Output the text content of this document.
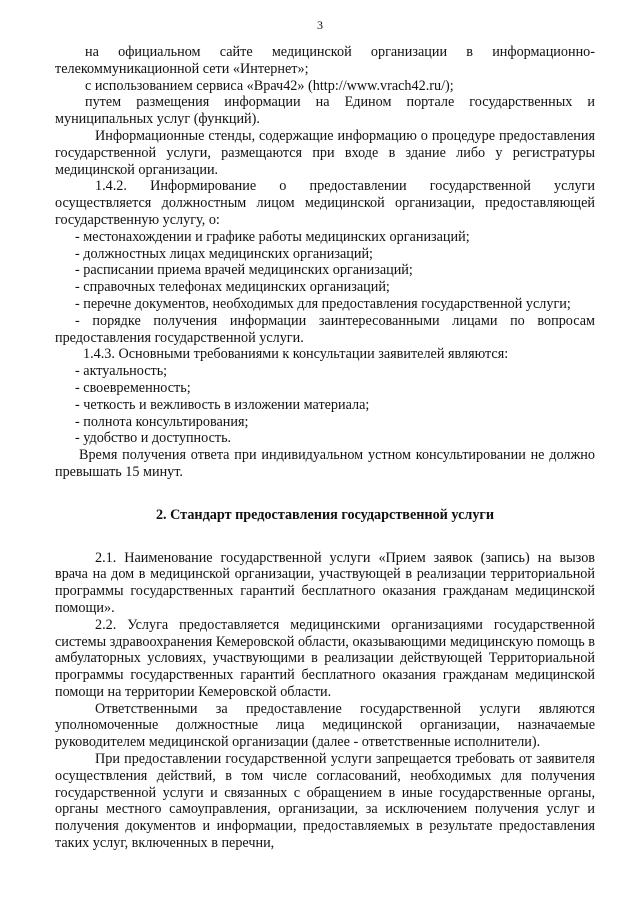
3

на официальном сайте медицинской организации в информационно-телекоммуникационной сети «Интернет»;

с использованием сервиса «Врач42» (http://www.vrach42.ru/);

путем размещения информации на Едином портале государственных и муниципальных услуг (функций).

Информационные стенды, содержащие информацию о процедуре предоставления государственной услуги, размещаются при входе в здание либо у регистратуры медицинской организации.

1.4.2. Информирование о предоставлении государственной услуги осуществляется должностным лицом медицинской организации, предоставляющей государственную услугу, о:

- местонахождении и графике работы медицинских организаций;

- должностных лицах медицинских организаций;

- расписании приема врачей медицинских организаций;

- справочных телефонах медицинских организаций;

- перечне документов, необходимых для предоставления государственной услуги;

- порядке получения информации заинтересованными лицами по вопросам предоставления государственной услуги.

1.4.3. Основными требованиями к консультации заявителей являются:

- актуальность;

- своевременность;

- четкость и вежливость в изложении материала;

- полнота консультирования;

- удобство и доступность.

Время получения ответа при индивидуальном устном консультировании не должно превышать 15 минут.

2. Стандарт предоставления государственной услуги

2.1. Наименование государственной услуги «Прием заявок (запись) на вызов врача на дом в медицинской организации, участвующей в реализации территориальной программы государственных гарантий бесплатного оказания гражданам медицинской помощи».

2.2. Услуга предоставляется медицинскими организациями государственной системы здравоохранения Кемеровской области, оказывающими медицинскую помощь в амбулаторных условиях, участвующими в реализации действующей Территориальной программы государственных гарантий бесплатного оказания гражданам медицинской помощи на территории Кемеровской области.

Ответственными за предоставление государственной услуги являются уполномоченные должностные лица медицинской организации, назначаемые руководителем медицинской организации (далее - ответственные исполнители).

При предоставлении государственной услуги запрещается требовать от заявителя осуществления действий, в том числе согласований, необходимых для получения государственной услуги и связанных с обращением в иные государственные органы, органы местного самоуправления, организации, за исключением получения услуг и получения документов и информации, предоставляемых в результате предоставления таких услуг, включенных в перечни,
